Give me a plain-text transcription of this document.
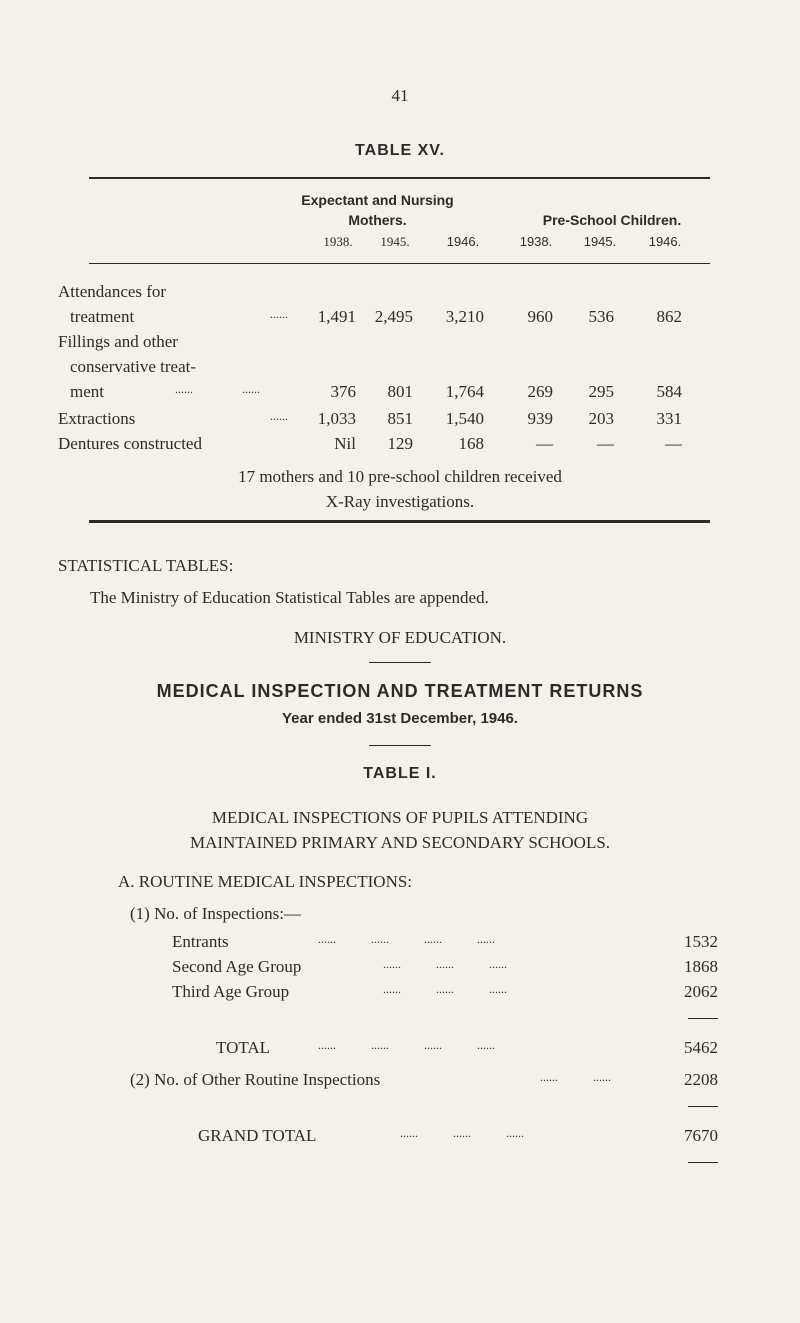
41
TABLE XV.
Expectant and Nursing Mothers.	Pre-School Children.
1938.	1945.	1946.	1938.	1945.	1946.
Attendances for
treatment	......	1,491	2,495	3,210	960	536	862
Fillings and other
conservative treat-
ment	......	......	376	801	1,764	269	295	584
Extractions	......	1,033	851	1,540	939	203	331
Dentures constructed	Nil	129	168	—	—	—
17 mothers and 10 pre-school children received
X-Ray investigations.
STATISTICAL TABLES:
The Ministry of Education Statistical Tables are appended.
MINISTRY OF EDUCATION.
MEDICAL INSPECTION AND TREATMENT RETURNS
Year ended 31st December, 1946.
TABLE I.
MEDICAL INSPECTIONS OF PUPILS ATTENDING
MAINTAINED PRIMARY AND SECONDARY SCHOOLS.
A. ROUTINE MEDICAL INSPECTIONS:
(1) No. of Inspections:—
Entrants	...... ...... ...... ......	1532
Second Age Group	...... ...... ......	1868
Third Age Group	...... ...... ......	2062
TOTAL	...... ...... ...... ......	5462
(2) No. of Other Routine Inspections	...... ......	2208
GRAND TOTAL	...... ...... ......	7670
